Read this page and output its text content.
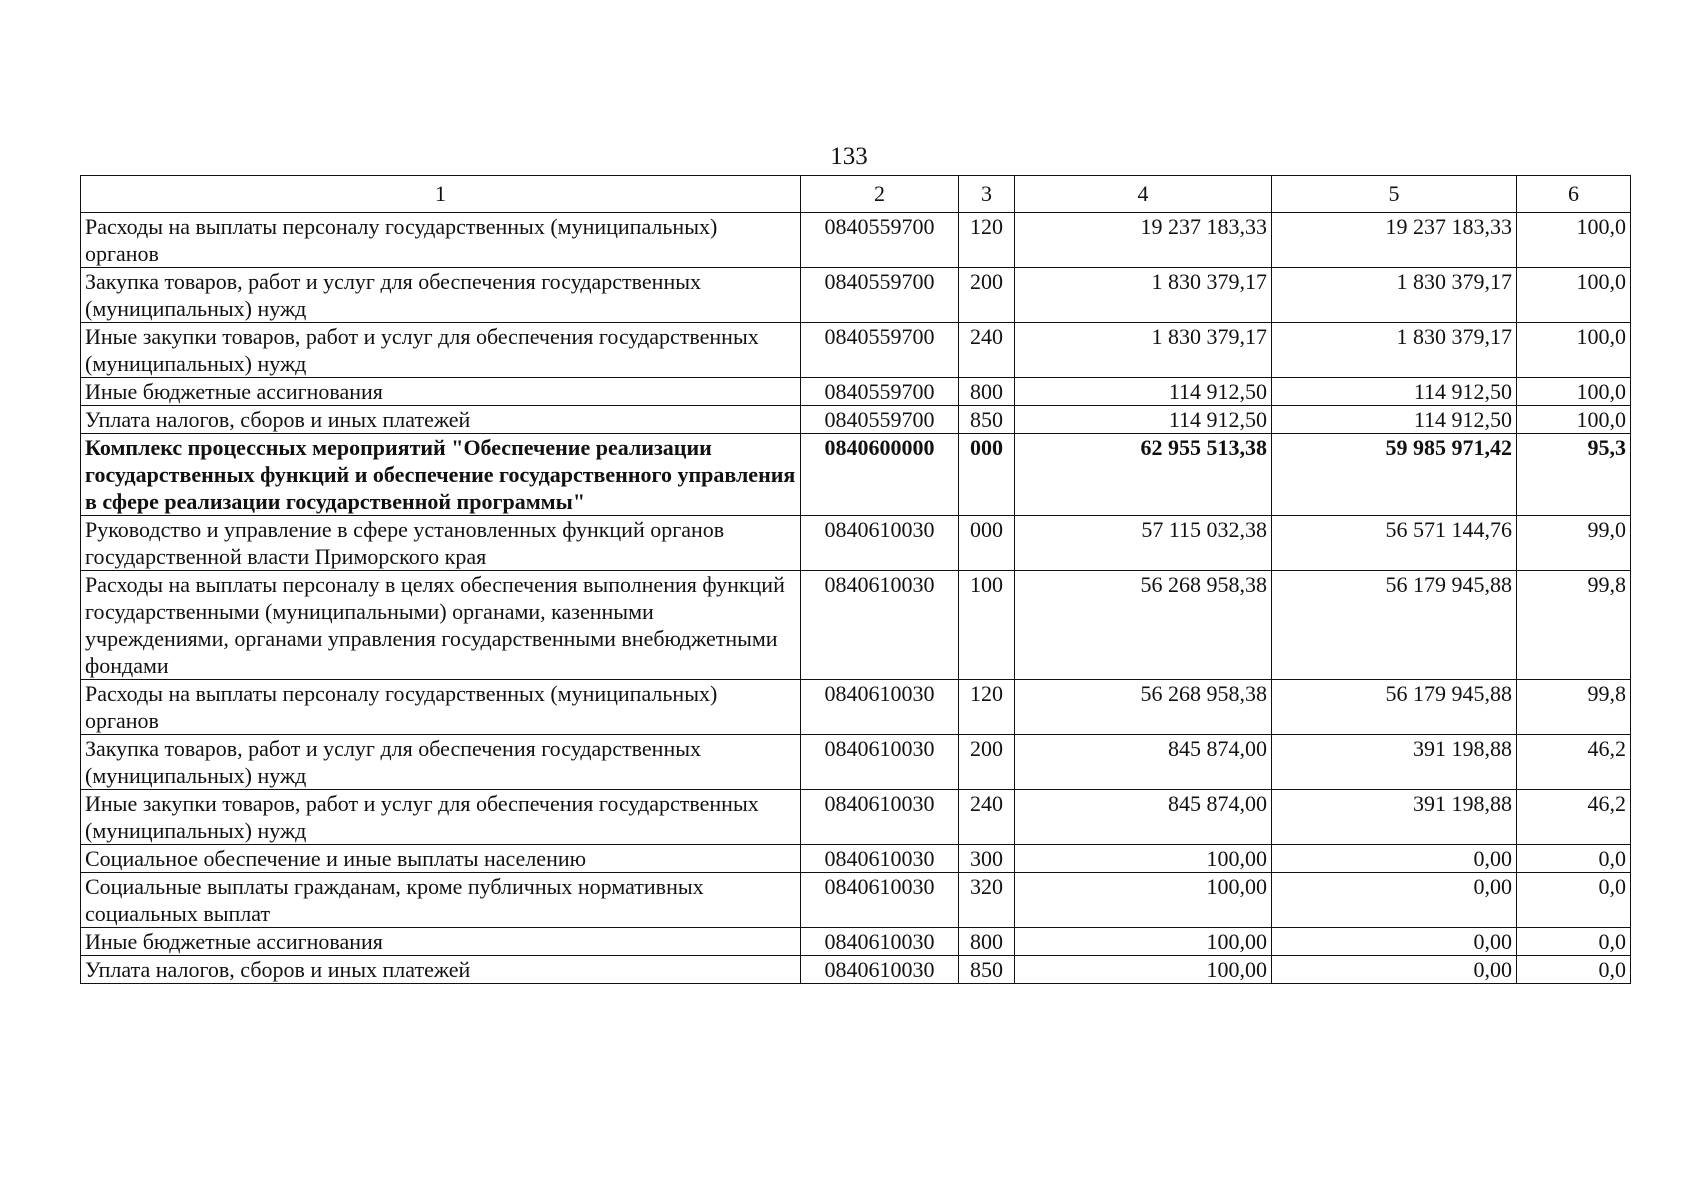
133
1	2	3	4	5	6
Расходы на выплаты персоналу государственных (муниципальных) органов	0840559700	120	19 237 183,33	19 237 183,33	100,0
Закупка товаров, работ и услуг для обеспечения государственных (муниципальных) нужд	0840559700	200	1 830 379,17	1 830 379,17	100,0
Иные закупки товаров, работ и услуг для обеспечения государственных (муниципальных) нужд	0840559700	240	1 830 379,17	1 830 379,17	100,0
Иные бюджетные ассигнования	0840559700	800	114 912,50	114 912,50	100,0
Уплата налогов, сборов и иных платежей	0840559700	850	114 912,50	114 912,50	100,0
Комплекс процессных мероприятий "Обеспечение реализации государственных функций и обеспечение государственного управления в сфере реализации государственной программы"	0840600000	000	62 955 513,38	59 985 971,42	95,3
Руководство и управление в сфере установленных функций органов государственной власти Приморского края	0840610030	000	57 115 032,38	56 571 144,76	99,0
Расходы на выплаты персоналу в целях обеспечения выполнения функций государственными (муниципальными) органами, казенными учреждениями, органами управления государственными внебюджетными фондами	0840610030	100	56 268 958,38	56 179 945,88	99,8
Расходы на выплаты персоналу государственных (муниципальных) органов	0840610030	120	56 268 958,38	56 179 945,88	99,8
Закупка товаров, работ и услуг для обеспечения государственных (муниципальных) нужд	0840610030	200	845 874,00	391 198,88	46,2
Иные закупки товаров, работ и услуг для обеспечения государственных (муниципальных) нужд	0840610030	240	845 874,00	391 198,88	46,2
Социальное обеспечение и иные выплаты населению	0840610030	300	100,00	0,00	0,0
Социальные выплаты гражданам, кроме публичных нормативных социальных выплат	0840610030	320	100,00	0,00	0,0
Иные бюджетные ассигнования	0840610030	800	100,00	0,00	0,0
Уплата налогов, сборов и иных платежей	0840610030	850	100,00	0,00	0,0
